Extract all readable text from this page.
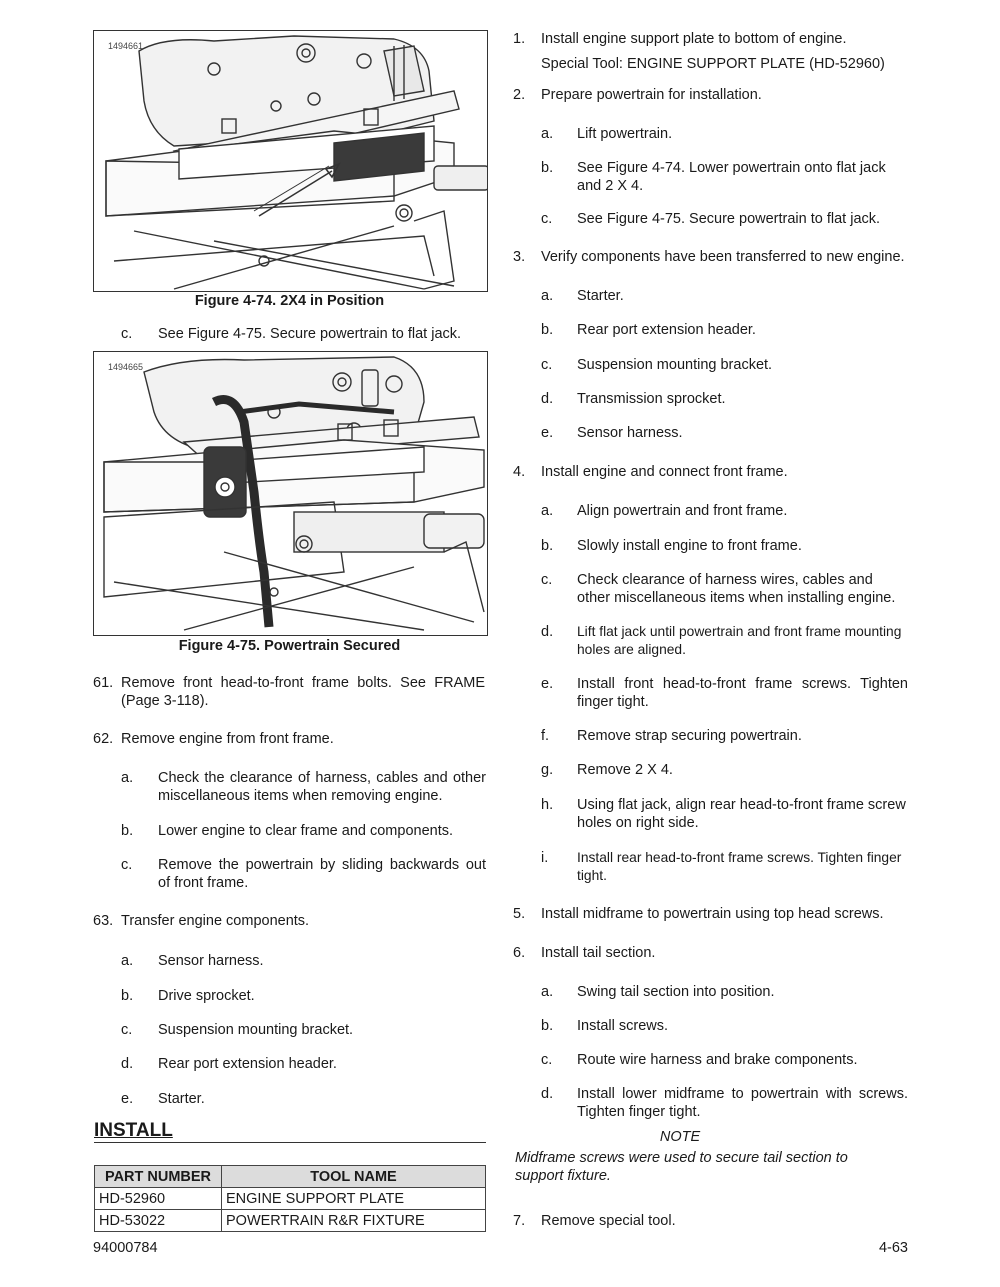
1494661
Figure 4-74. 2X4 in Position
c. See Figure 4-75. Secure powertrain to flat jack.
1494665
Figure 4-75. Powertrain Secured
61. Remove front head-to-front frame bolts. See FRAME (Page 3-118).
62. Remove engine from front frame.
a. Check the clearance of harness, cables and other miscellaneous items when removing engine.
b. Lower engine to clear frame and components.
c. Remove the powertrain by sliding backwards out of front frame.
63. Transfer engine components.
a. Sensor harness.
b. Drive sprocket.
c. Suspension mounting bracket.
d. Rear port extension header.
e. Starter.
INSTALL
PART NUMBER	TOOL NAME
HD-52960	ENGINE SUPPORT PLATE
HD-53022	POWERTRAIN R&R FIXTURE
1. Install engine support plate to bottom of engine.
Special Tool: ENGINE SUPPORT PLATE (HD-52960)
2. Prepare powertrain for installation.
a. Lift powertrain.
b. See Figure 4-74. Lower powertrain onto flat jack and 2 X 4.
c. See Figure 4-75. Secure powertrain to flat jack.
3. Verify components have been transferred to new engine.
a. Starter.
b. Rear port extension header.
c. Suspension mounting bracket.
d. Transmission sprocket.
e. Sensor harness.
4. Install engine and connect front frame.
a. Align powertrain and front frame.
b. Slowly install engine to front frame.
c. Check clearance of harness wires, cables and other miscellaneous items when installing engine.
d. Lift flat jack until powertrain and front frame mounting holes are aligned.
e. Install front head-to-front frame screws. Tighten finger tight.
f. Remove strap securing powertrain.
g. Remove 2 X 4.
h. Using flat jack, align rear head-to-front frame screw holes on right side.
i. Install rear head-to-front frame screws. Tighten finger tight.
5. Install midframe to powertrain using top head screws.
6. Install tail section.
a. Swing tail section into position.
b. Install screws.
c. Route wire harness and brake components.
d. Install lower midframe to powertrain with screws. Tighten finger tight.
NOTE
Midframe screws were used to secure tail section to support fixture.
7. Remove special tool.
94000784	4-63
